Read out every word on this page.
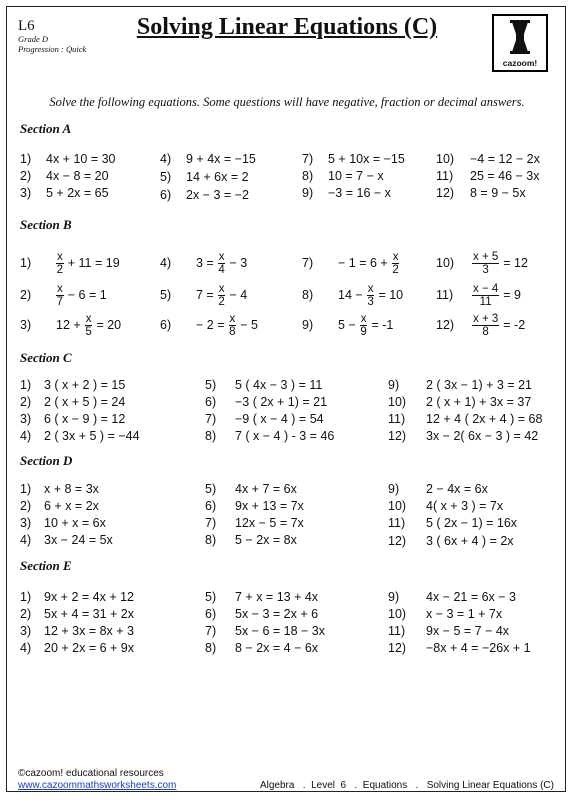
L6
Grade D
Progression : Quick
Solving Linear Equations (C)
cazoom!
Solve the following equations. Some questions will have negative, fraction or decimal answers.
Section A
Section B
Section C
Section D
Section E
1)	4x + 10 = 30
2)	4x − 8 = 20
3)	5 + 2x = 65
4)	9 + 4x = −15
5)	14 + 6x = 2
6)	2x − 3 = −2
7)	5 + 10x = −15
8)	10 = 7 − x
9)	−3 = 16 − x
10)	−4 = 12 − 2x
11)	25 = 46 − 3x
12)	8 = 9 − 5x
1)	3 ( x + 2 ) = 15
2)	2 ( x + 5 ) = 24
3)	6 ( x − 9 ) = 12
4)	2 ( 3x + 5 ) = −44
5)	5 ( 4x − 3 ) = 11
6)	−3 ( 2x + 1) = 21
7)	−9 ( x − 4 ) = 54
8)	7 ( x − 4 ) - 3 = 46
9)	2 ( 3x − 1) + 3 = 21
10)	2 ( x + 1) + 3x = 37
11)	12 + 4 ( 2x + 4 ) = 68
12)	3x − 2( 6x − 3 ) = 42
1)	x + 8 = 3x
2)	6 + x = 2x
3)	10 + x = 6x
4)	3x − 24 = 5x
5)	4x + 7 = 6x
6)	9x + 13 = 7x
7)	12x − 5 = 7x
8)	5 − 2x = 8x
9)	2 − 4x = 6x
10)	4( x + 3 ) = 7x
11)	5 ( 2x − 1) = 16x
12)	3 ( 6x + 4 ) = 2x
1)	9x + 2 = 4x + 12
2)	5x + 4 = 31 + 2x
3)	12 + 3x = 8x + 3
4)	20 + 2x = 6 + 9x
5)	7 + x = 13 + 4x
6)	5x − 3 = 2x + 6
7)	5x − 6 = 18 − 3x
8)	8 − 2x = 4 − 6x
9)	4x − 21 = 6x − 3
10)	x − 3 = 1 + 7x
11)	9x − 5 = 7 − 4x
12)	−8x + 4 = −26x + 1
1)	$\frac{x}{2} + 11 = 19$
2)	$\frac{x}{7} - 6 = 1$
3)	$12 + \frac{x}{5} = 20$
4)	$3 = \frac{x}{4} - 3$
5)	$7 = \frac{x}{2} - 4$
6)	− $2 = \frac{x}{8} - 5$
7)	− $1 = 6 + \frac{x}{2}$
8)	$14 - \frac{x}{3} = 10$
9)	$5 - \frac{x}{9} = -1$
10)	$\frac{x + 5}{3} = 12$
11)	$\frac{x - 4}{11} = 9$
12)	$\frac{x + 3}{8} = -2$
©cazoom! educational resources
www.cazoommathsworksheets.com	Algebra   .  Level  6   .  Equations   .   Solving Linear Equations (C)
